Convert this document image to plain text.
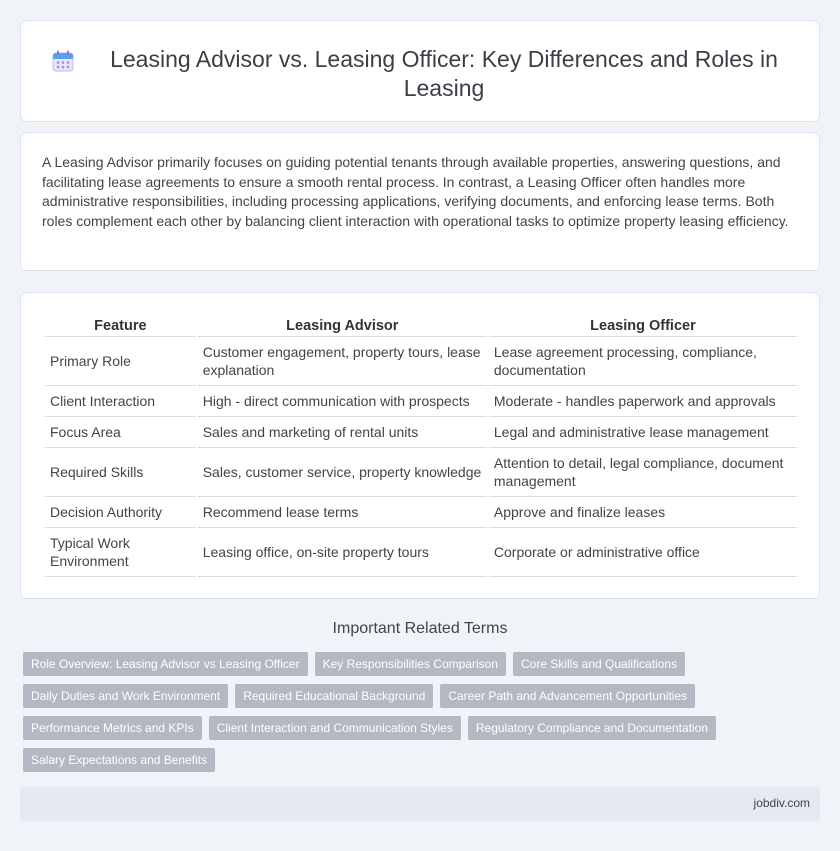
Leasing Advisor vs. Leasing Officer: Key Differences and Roles in Leasing

A Leasing Advisor primarily focuses on guiding potential tenants through available properties, answering questions, and facilitating lease agreements to ensure a smooth rental process. In contrast, a Leasing Officer often handles more administrative responsibilities, including processing applications, verifying documents, and enforcing lease terms. Both roles complement each other by balancing client interaction with operational tasks to optimize property leasing efficiency.

Feature	Leasing Advisor	Leasing Officer
Primary Role	Customer engagement, property tours, lease explanation	Lease agreement processing, compliance, documentation
Client Interaction	High - direct communication with prospects	Moderate - handles paperwork and approvals
Focus Area	Sales and marketing of rental units	Legal and administrative lease management
Required Skills	Sales, customer service, property knowledge	Attention to detail, legal compliance, document management
Decision Authority	Recommend lease terms	Approve and finalize leases
Typical Work Environment	Leasing office, on-site property tours	Corporate or administrative office
Important Related Terms
Role Overview: Leasing Advisor vs Leasing Officer	Key Responsibilities Comparison	Core Skills and Qualifications
Daily Duties and Work Environment	Required Educational Background	Career Path and Advancement Opportunities
Performance Metrics and KPIs	Client Interaction and Communication Styles	Regulatory Compliance and Documentation
Salary Expectations and Benefits
jobdiv.com
